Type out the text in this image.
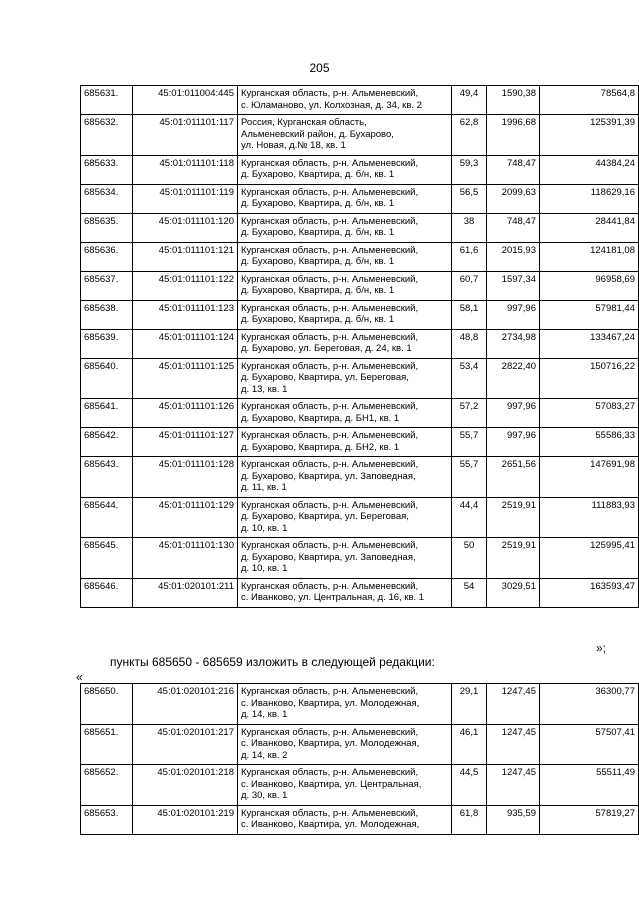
205
685631.	45:01:011004:445	Курганская область, р-н. Альменевский,
с. Юламаново, ул. Колхозная, д. 34, кв. 2	49,4	1590,38	78564,8
685632.	45:01:011101:117	Россия, Курганская область,
Альменевский район, д. Бухарово,
ул. Новая, д.№ 18, кв. 1	62,8	1996,68	125391,39
685633.	45:01:011101:118	Курганская область, р-н. Альменевский,
д. Бухарово, Квартира, д. б/н, кв. 1	59,3	748,47	44384,24
685634.	45:01:011101:119	Курганская область, р-н. Альменевский,
д. Бухарово, Квартира, д. б/н, кв. 1	56,5	2099,63	118629,16
685635.	45:01:011101:120	Курганская область, р-н. Альменевский,
д. Бухарово, Квартира, д. б/н, кв. 1	38	748,47	28441,84
685636.	45:01:011101:121	Курганская область, р-н. Альменевский,
д. Бухарово, Квартира, д. б/н, кв. 1	61,6	2015,93	124181,08
685637.	45:01:011101:122	Курганская область, р-н. Альменевский,
д. Бухарово, Квартира, д. б/н, кв. 1	60,7	1597,34	96958,69
685638.	45:01:011101:123	Курганская область, р-н. Альменевский,
д. Бухарово, Квартира, д. б/н, кв. 1	58,1	997,96	57981,44
685639.	45:01:011101:124	Курганская область, р-н. Альменевский,
д. Бухарово, ул. Береговая, д. 24, кв. 1	48,8	2734,98	133467,24
685640.	45:01:011101:125	Курганская область, р-н. Альменевский,
д. Бухарово, Квартира, ул. Береговая,
д. 13, кв. 1	53,4	2822,40	150716,22
685641.	45:01:011101:126	Курганская область, р-н. Альменевский,
д. Бухарово, Квартира, д. БН1, кв. 1	57,2	997,96	57083,27
685642.	45:01:011101:127	Курганская область, р-н. Альменевский,
д. Бухарово, Квартира, д. БН2, кв. 1	55,7	997,96	55586,33
685643.	45:01:011101:128	Курганская область, р-н. Альменевский,
д. Бухарово, Квартира, ул. Заповедная,
д. 11, кв. 1	55,7	2651,56	147691,98
685644.	45:01:011101:129	Курганская область, р-н. Альменевский,
д. Бухарово, Квартира, ул. Береговая,
д. 10, кв. 1	44,4	2519,91	111883,93
685645.	45:01:011101:130	Курганская область, р-н. Альменевский,
д. Бухарово, Квартира, ул. Заповедная,
д. 10, кв. 1	50	2519,91	125995,41
685646.	45:01:020101:211	Курганская область, р-н. Альменевский,
с. Иванково, ул. Центральная, д. 16, кв. 1	54	3029,51	163593,47
»;
пункты 685650 - 685659 изложить в следующей редакции:
«
685650.	45:01:020101:216	Курганская область, р-н. Альменевский,
с. Иванково, Квартира, ул. Молодежная,
д. 14, кв. 1	29,1	1247,45	36300,77
685651.	45:01:020101:217	Курганская область, р-н. Альменевский,
с. Иванково, Квартира, ул. Молодежная,
д. 14, кв. 2	46,1	1247,45	57507,41
685652.	45:01:020101:218	Курганская область, р-н. Альменевский,
с. Иванково, Квартира, ул. Центральная,
д. 30, кв. 1	44,5	1247,45	55511,49
685653.	45:01:020101:219	Курганская область, р-н. Альменевский,
с. Иванково, Квартира, ул. Молодежная,	61,8	935,59	57819,27
